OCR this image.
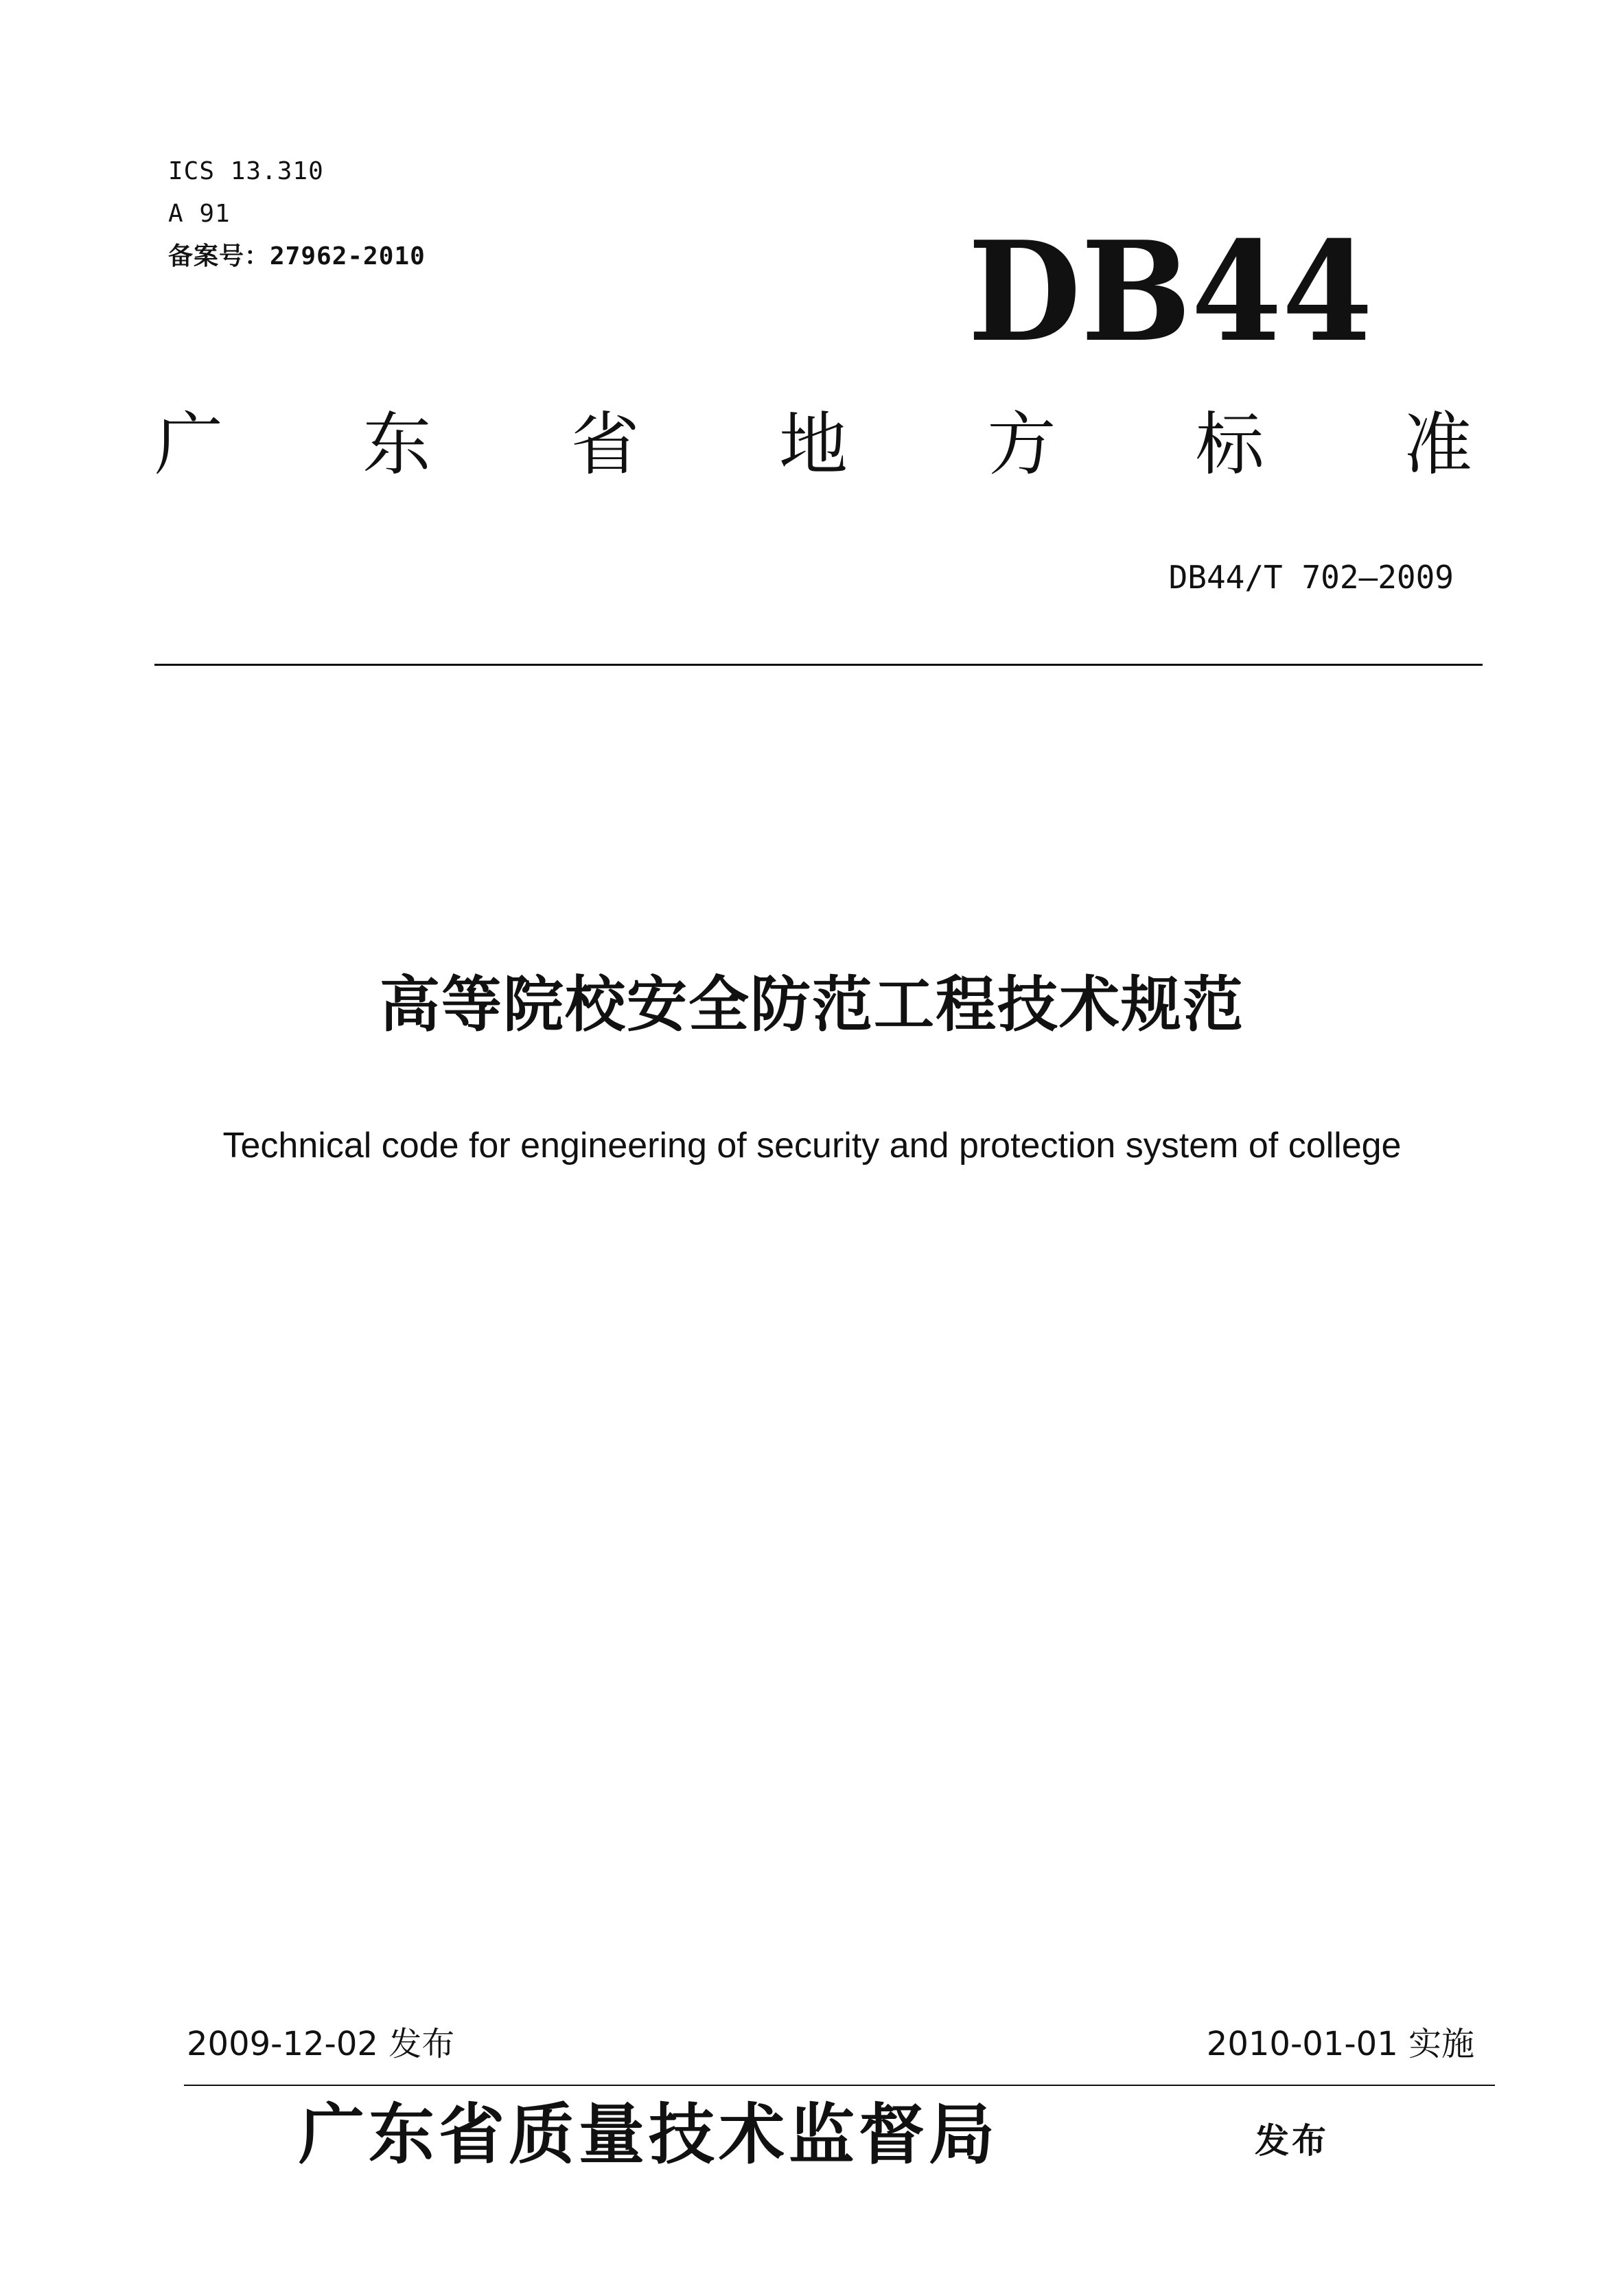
ICS 13.310

A 91

备案号：27962-2010	DB44
广 东 省 地 方 标 准

DB44/T 702—2009

高等院校安全防范工程技术规范

Technical code for engineering of security and protection system of college

2009-12-02 发布	2010-01-01 实施

广东省质量技术监督局	发布
